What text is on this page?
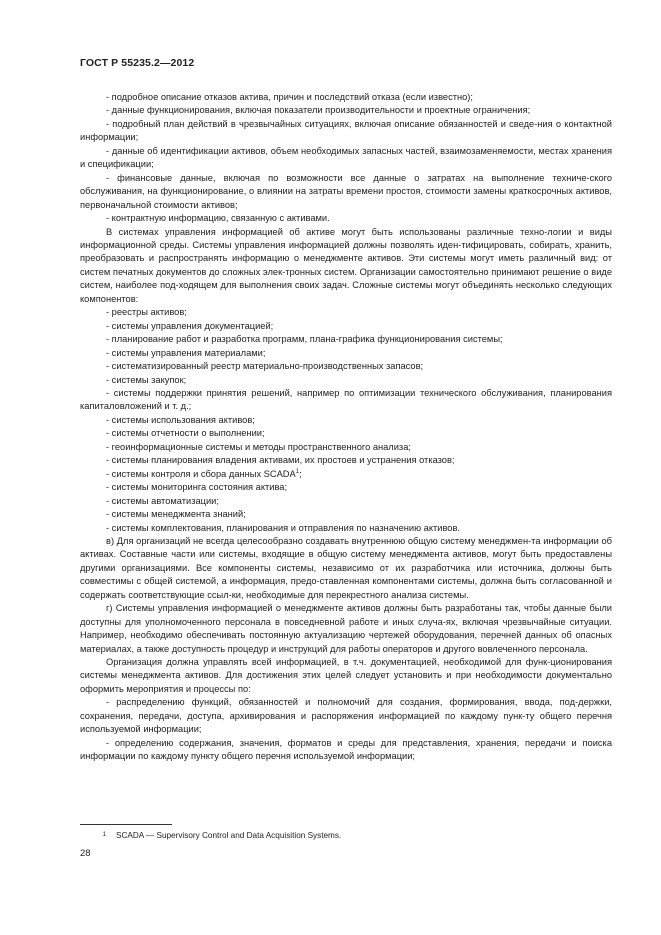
ГОСТ Р 55235.2—2012

- подробное описание отказов актива, причин и последствий отказа (если известно);

- данные функционирования, включая показатели производительности и проектные ограничения;

- подробный план действий в чрезвычайных ситуациях, включая описание обязанностей и сведе-ния о контактной информации;

- данные об идентификации активов, объем необходимых запасных частей, взаимозаменяемости, местах хранения и спецификации;

- финансовые данные, включая по возможности все данные о затратах на выполнение техниче-ского обслуживания, на функционирование, о влиянии на затраты времени простоя, стоимости замены краткосрочных активов, первоначальной стоимости активов;

- контрактную информацию, связанную с активами.

В системах управления информацией об активе могут быть использованы различные техно-логии и виды информационной среды. Системы управления информацией должны позволять иден-тифицировать, собирать, хранить, преобразовать и распространять информацию о менеджменте активов. Эти системы могут иметь различный вид: от систем печатных документов до сложных элек-тронных систем. Организации самостоятельно принимают решение о виде систем, наиболее под-ходящем для выполнения своих задач. Сложные системы могут объединять несколько следующих компонентов:

- реестры активов;

- системы управления документацией;

- планирование работ и разработка программ, плана-графика функционирования системы;

- системы управления материалами;

- систематизированный реестр материально-производственных запасов;

- системы закупок;

- системы поддержки принятия решений, например по оптимизации технического обслуживания, планирования капиталовложений и т. д.;

- системы использования активов;

- системы отчетности о выполнении;

- геоинформационные системы и методы пространственного анализа;

- системы планирования владения активами, их простоев и устранения отказов;

- системы контроля и сбора данных SCADA$^1$;

- системы мониторинга состояния актива;

- системы автоматизации;

- системы менеджмента знаний;

- системы комплектования, планирования и отправления по назначению активов.

в) Для организаций не всегда целесообразно создавать внутреннюю общую систему менеджмен-та информации об активах. Составные части или системы, входящие в общую систему менеджмента активов, могут быть предоставлены другими организациями. Все компоненты системы, независимо от их разработчика или источника, должны быть совместимы с общей системой, а информация, предо-ставленная компонентами системы, должна быть согласованной и содержать соответствующие ссыл-ки, необходимые для перекрестного анализа системы.

г) Системы управления информацией о менеджменте активов должны быть разработаны так, чтобы данные были доступны для уполномоченного персонала в повседневной работе и иных случа-ях, включая чрезвычайные ситуации. Например, необходимо обеспечивать постоянную актуализацию чертежей оборудования, перечней данных об опасных материалах, а также доступность процедур и инструкций для работы операторов и другого вовлеченного персонала.

Организация должна управлять всей информацией, в т.ч. документацией, необходимой для функ-ционирования системы менеджмента активов. Для достижения этих целей следует установить и при необходимости документально оформить мероприятия и процессы по:

- распределению функций, обязанностей и полномочий для создания, формирования, ввода, под-держки, сохранения, передачи, доступа, архивирования и распоряжения информацией по каждому пунк-ту общего перечня используемой информации;

- определению содержания, значения, форматов и среды для представления, хранения, передачи и поиска информации по каждому пункту общего перечня используемой информации;

1 SCADA — Supervisory Control and Data Acquisition Systems.
28
